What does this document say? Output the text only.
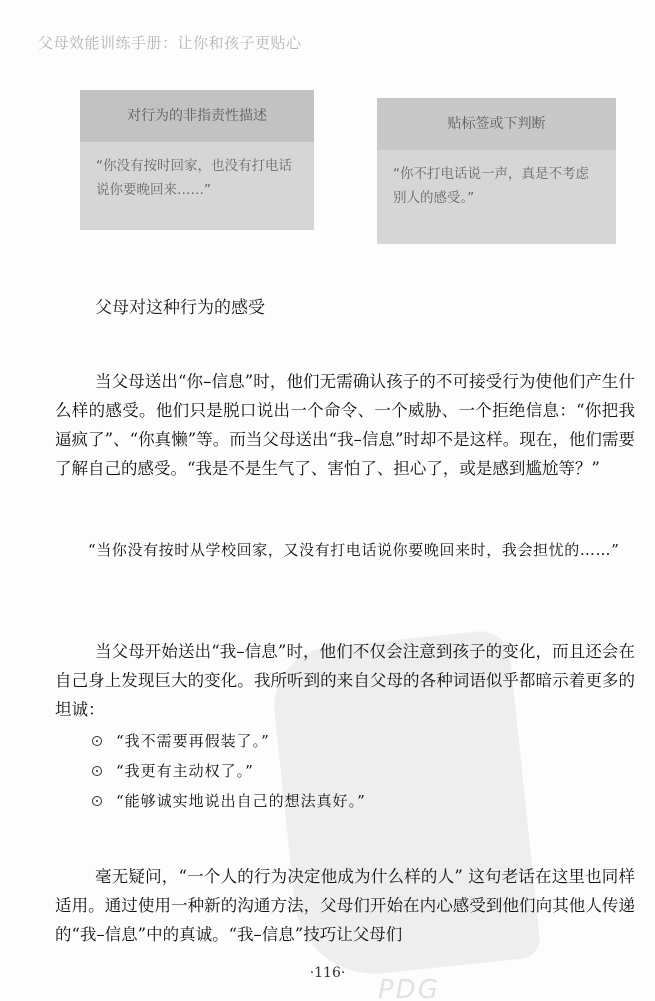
PDG
父母效能训练手册：让你和孩子更贴心
对行为的非指责性描述
“你没有按时回家，也没有打电话说你要晚回来……”
贴标签或下判断
“你不打电话说一声，真是不考虑别人的感受。”
父母对这种行为的感受

当父母送出“你–信息”时，他们无需确认孩子的不可接受行为使他们产生什么样的感受。他们只是脱口说出一个命令、一个威胁、一个拒绝信息：“你把我逼疯了”、“你真懒”等。而当父母送出“我–信息”时却不是这样。现在，他们需要了解自己的感受。“我是不是生气了、害怕了、担心了，或是感到尴尬等？”

“当你没有按时从学校回家，又没有打电话说你要晚回来时，我会担忧的……”

当父母开始送出“我–信息”时，他们不仅会注意到孩子的变化，而且还会在自己身上发现巨大的变化。我所听到的来自父母的各种词语似乎都暗示着更多的坦诚：

“我不需要再假装了。”
“我更有主动权了。”
“能够诚实地说出自己的想法真好。”

毫无疑问，“一个人的行为决定他成为什么样的人” 这句老话在这里也同样适用。通过使用一种新的沟通方法，父母们开始在内心感受到他们向其他人传递的“我–信息”中的真诚。“我–信息”技巧让父母们

·116·
